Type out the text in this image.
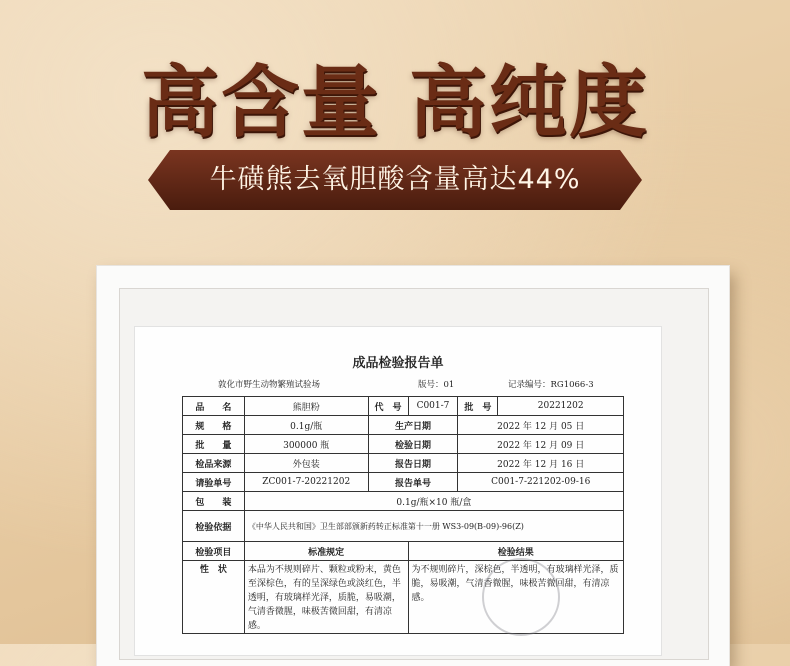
高含量 高纯度
牛磺熊去氧胆酸含量高达44%
成品检验报告单
敦化市野生动物繁殖试验场	版号：01	记录编号：RG1066-3
品　　名	熊胆粉	代　号	C001-7	批　号	20221202
规　　格	0.1g/瓶	生产日期		2022 年 12 月 05 日	
批　　量	300000 瓶	检验日期		2022 年 12 月 09 日	
检品来源	外包装	报告日期		2022 年 12 月 16 日	
请验单号	ZC001-7-20221202	报告单号		C001-7-221202-09-16	
包　　装	0.1g/瓶×10 瓶/盒				
检验依据	《中华人民共和国》卫生部部颁新药转正标准第十一册 WS3-09(B-09)-96(Z)				
检验项目	标准规定		检验结果		
性　状	本品为不规则碎片、颗粒或粉末，黄色至深棕色，有的呈深绿色或淡红色，半透明，有玻璃样光泽，质脆，易吸潮，气清香微腥，味极苦微回甜，有清凉感。		为不规则碎片，深棕色，半透明，有玻璃样光泽，质脆，易吸潮，气清香微腥，味极苦微回甜，有清凉感。		
